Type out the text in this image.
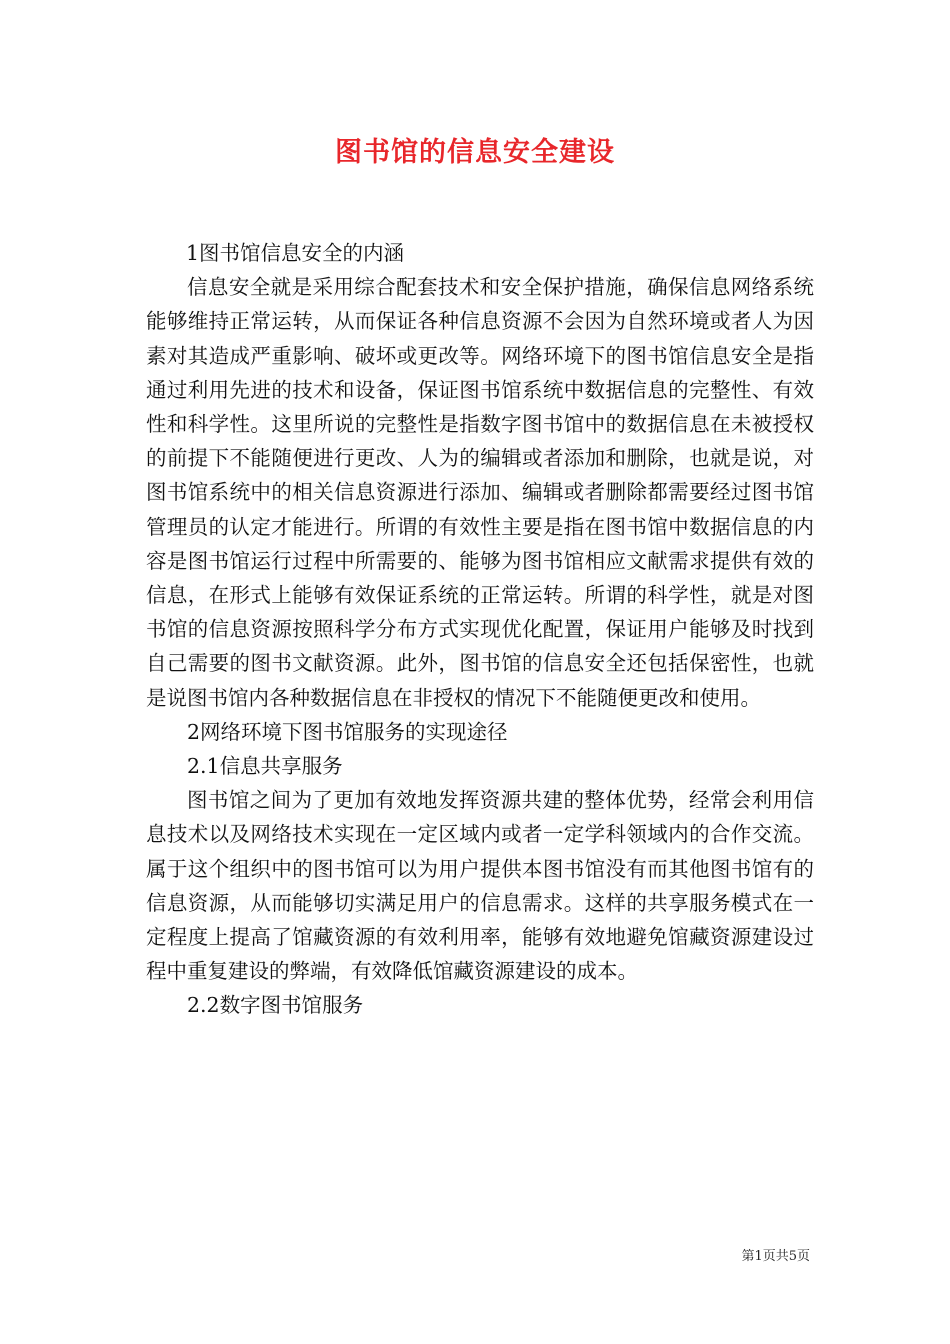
图书馆的信息安全建设

1图书馆信息安全的内涵

信息安全就是采用综合配套技术和安全保护措施，确保信息网络系统能够维持正常运转，从而保证各种信息资源不会因为自然环境或者人为因素对其造成严重影响、破坏或更改等。网络环境下的图书馆信息安全是指通过利用先进的技术和设备，保证图书馆系统中数据信息的完整性、有效性和科学性。这里所说的完整性是指数字图书馆中的数据信息在未被授权的前提下不能随便进行更改、人为的编辑或者添加和删除，也就是说，对图书馆系统中的相关信息资源进行添加、编辑或者删除都需要经过图书馆管理员的认定才能进行。所谓的有效性主要是指在图书馆中数据信息的内容是图书馆运行过程中所需要的、能够为图书馆相应文献需求提供有效的信息，在形式上能够有效保证系统的正常运转。所谓的科学性，就是对图书馆的信息资源按照科学分布方式实现优化配置，保证用户能够及时找到自己需要的图书文献资源。此外，图书馆的信息安全还包括保密性，也就是说图书馆内各种数据信息在非授权的情况下不能随便更改和使用。

2网络环境下图书馆服务的实现途径

2.1信息共享服务

图书馆之间为了更加有效地发挥资源共建的整体优势，经常会利用信息技术以及网络技术实现在一定区域内或者一定学科领域内的合作交流。属于这个组织中的图书馆可以为用户提供本图书馆没有而其他图书馆有的信息资源，从而能够切实满足用户的信息需求。这样的共享服务模式在一定程度上提高了馆藏资源的有效利用率，能够有效地避免馆藏资源建设过程中重复建设的弊端，有效降低馆藏资源建设的成本。

2.2数字图书馆服务

第1页共5页
